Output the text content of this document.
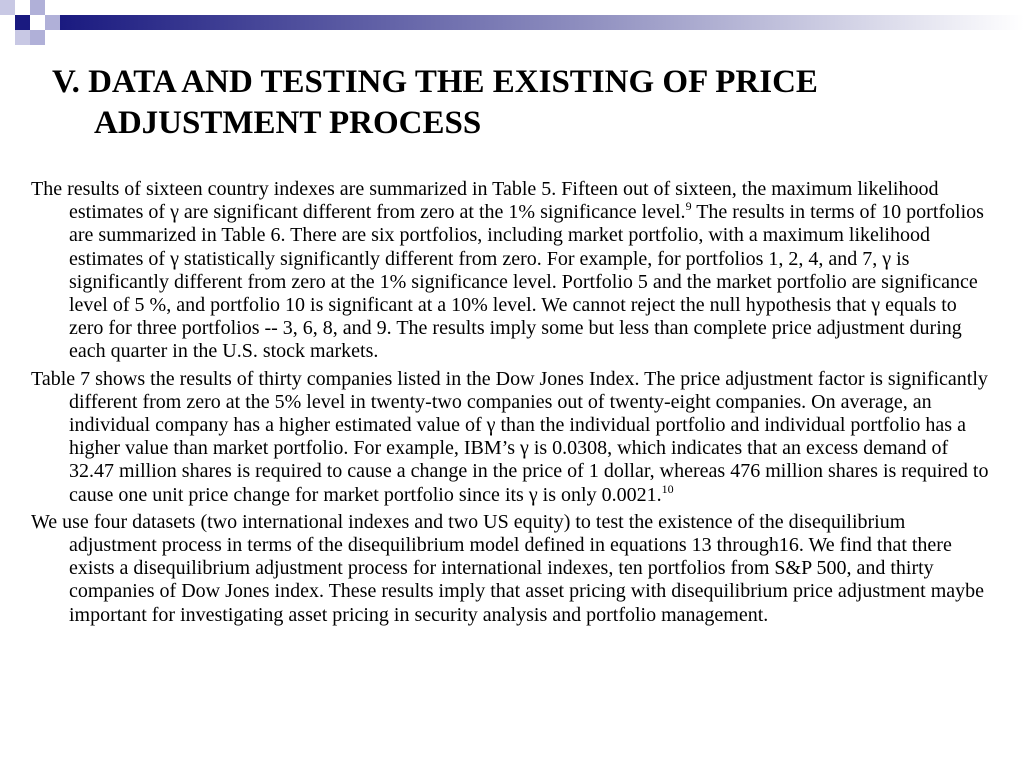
V. DATA AND TESTING THE EXISTING OF PRICE ADJUSTMENT PROCESS

The results of sixteen country indexes are summarized in Table 5. Fifteen out of sixteen, the maximum likelihood estimates of γ are significant different from zero at the 1% significance level.$^9$ The results in terms of 10 portfolios are summarized in Table 6. There are six portfolios, including market portfolio, with a maximum likelihood estimates of γ statistically significantly different from zero. For example, for portfolios 1, 2, 4, and 7, γ is significantly different from zero at the 1% significance level. Portfolio 5 and the market portfolio are significance level of 5 %, and portfolio 10 is significant at a 10% level. We cannot reject the null hypothesis that γ equals to zero for three portfolios -- 3, 6, 8, and 9. The results imply some but less than complete price adjustment during each quarter in the U.S. stock markets.

Table 7 shows the results of thirty companies listed in the Dow Jones Index. The price adjustment factor is significantly different from zero at the 5% level in twenty-two companies out of twenty-eight companies. On average, an individual company has a higher estimated value of γ than the individual portfolio and individual portfolio has a higher value than market portfolio. For example, IBM’s γ is 0.0308, which indicates that an excess demand of 32.47 million shares is required to cause a change in the price of 1 dollar, whereas 476 million shares is required to cause one unit price change for market portfolio since its γ is only 0.0021.10

We use four datasets (two international indexes and two US equity) to test the existence of the disequilibrium adjustment process in terms of the disequilibrium model defined in equations 13 through16. We find that there exists a disequilibrium adjustment process for international indexes, ten portfolios from S&P 500, and thirty companies of Dow Jones index. These results imply that asset pricing with disequilibrium price adjustment maybe important for investigating asset pricing in security analysis and portfolio management.
